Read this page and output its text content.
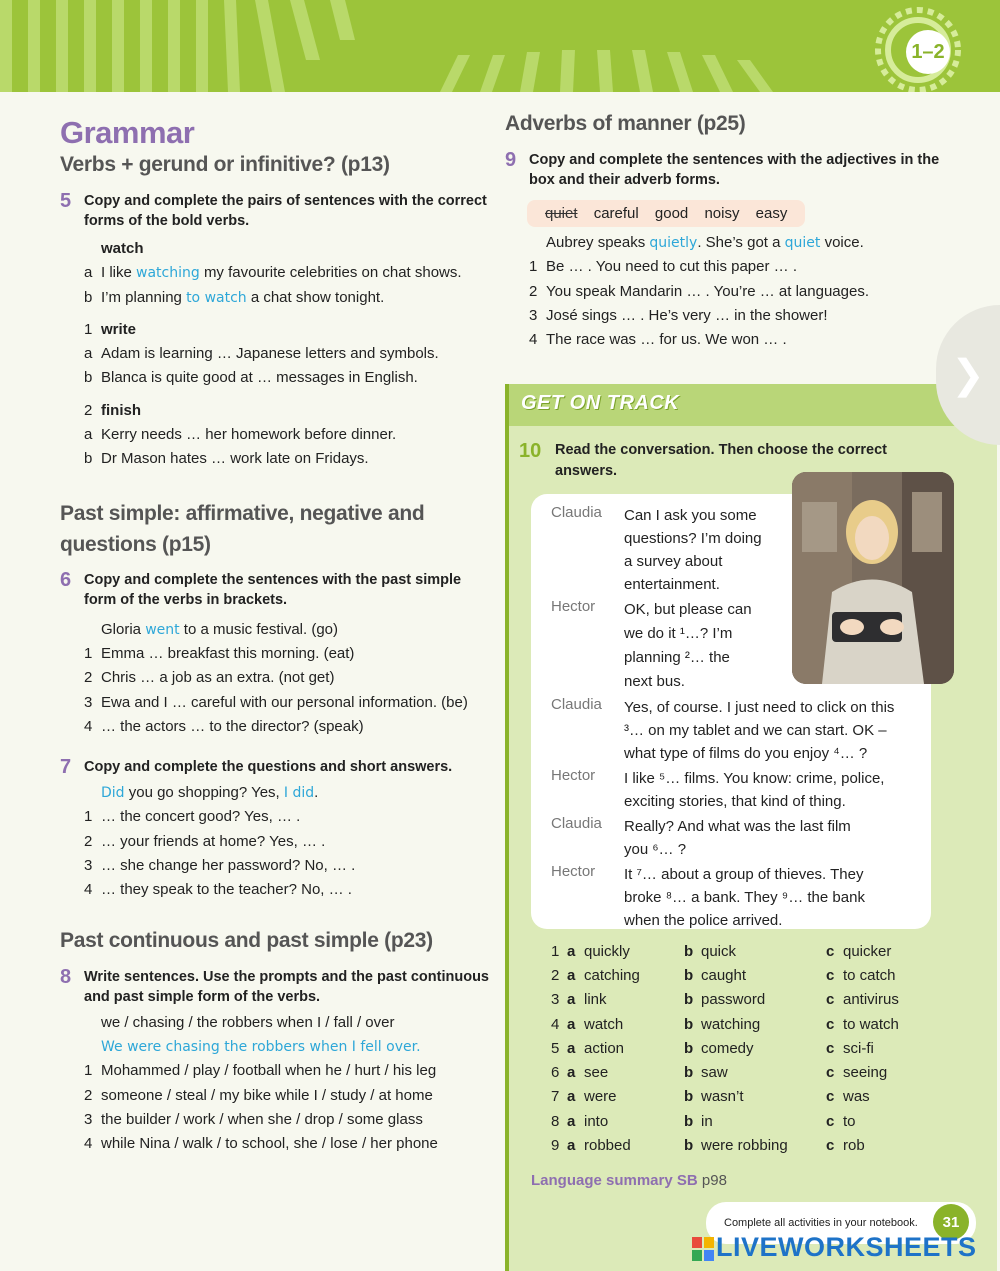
1–2
Grammar
Verbs + gerund or infinitive? (p13)
5 Copy and complete the pairs of sentences with the correct forms of the bold verbs.
watch
a I like watching my favourite celebrities on chat shows.
b I’m planning to watch a chat show tonight.
1 write
a Adam is learning … Japanese letters and symbols.
b Blanca is quite good at … messages in English.
2 finish
a Kerry needs … her homework before dinner.
b Dr Mason hates … work late on Fridays.
Past simple: affirmative, negative and questions (p15)
6 Copy and complete the sentences with the past simple form of the verbs in brackets.
Gloria went to a music festival. (go)
1 Emma … breakfast this morning. (eat)
2 Chris … a job as an extra. (not get)
3 Ewa and I … careful with our personal information. (be)
4 … the actors … to the director? (speak)
7 Copy and complete the questions and short answers.
Did you go shopping? Yes, I did.
1 … the concert good? Yes, … .
2 … your friends at home? Yes, … .
3 … she change her password? No, … .
4 … they speak to the teacher? No, … .
Past continuous and past simple (p23)
8 Write sentences. Use the prompts and the past continuous and past simple form of the verbs.
we / chasing / the robbers when I / fall / over
We were chasing the robbers when I fell over.
1 Mohammed / play / football when he / hurt / his leg
2 someone / steal / my bike while I / study / at home
3 the builder / work / when she / drop / some glass
4 while Nina / walk / to school, she / lose / her phone
Adverbs of manner (p25)
9 Copy and complete the sentences with the adjectives in the box and their adverb forms.
quiet careful good noisy easy
Aubrey speaks quietly. She’s got a quiet voice.
1 Be … . You need to cut this paper … .
2 You speak Mandarin … . You’re … at languages.
3 José sings … . He’s very … in the shower!
4 The race was … for us. We won … .
GET ON TRACK
10 Read the conversation. Then choose the correct answers.
Claudia	Can I ask you some
questions? I’m doing
a survey about
entertainment.
Hector	OK, but please can
we do it ¹…? I’m
planning ²… the
next bus.
Claudia	Yes, of course. I just need to click on this
³… on my tablet and we can start. OK –
what type of films do you enjoy ⁴… ?
Hector	I like ⁵… films. You know: crime, police,
exciting stories, that kind of thing.
Claudia	Really? And what was the last film
you ⁶… ?
Hector	It ⁷… about a group of thieves. They
broke ⁸… a bank. They ⁹… the bank
when the police arrived.
1 a quickly	b quick	c quicker
2 a catching	b caught	c to catch
3 a link	b password	c antivirus
4 a watch	b watching	c to watch
5 a action	b comedy	c sci-fi
6 a see	b saw	c seeing
7 a were	b wasn’t	c was
8 a into	b in	c to
9 a robbed	b were robbing	c rob
Language summary SB p98
❯
Complete all activities in your notebook.	31
LIVEWORKSHEETS
